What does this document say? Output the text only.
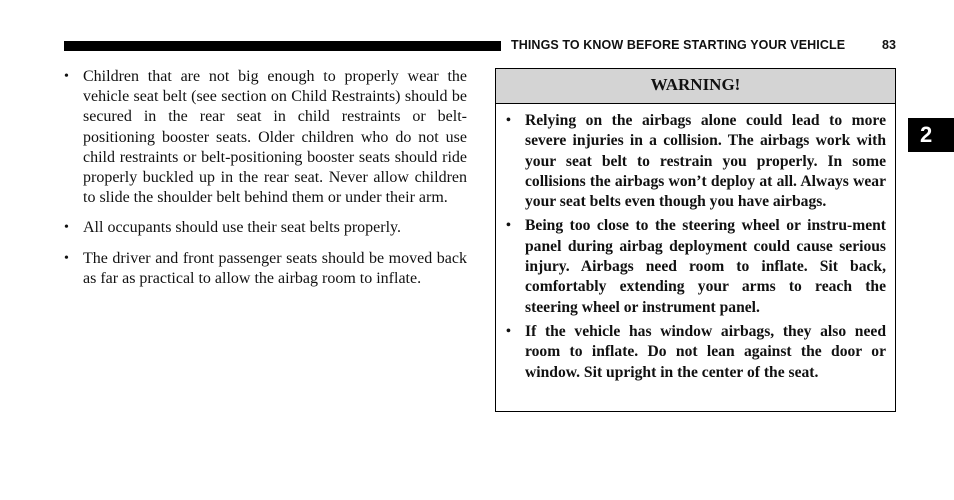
THINGS TO KNOW BEFORE STARTING YOUR VEHICLE	83
• Children that are not big enough to properly wear the vehicle seat belt (see section on Child Restraints) should be secured in the rear seat in child restraints or belt-positioning booster seats. Older children who do not use child restraints or belt-positioning booster seats should ride properly buckled up in the rear seat. Never allow children to slide the shoulder belt behind them or under their arm.
• All occupants should use their seat belts properly.
• The driver and front passenger seats should be moved back as far as practical to allow the airbag room to inflate.
WARNING!
• Relying on the airbags alone could lead to more severe injuries in a collision. The airbags work with your seat belt to restrain you properly. In some collisions the airbags won’t deploy at all. Always wear your seat belts even though you have airbags.
• Being too close to the steering wheel or instru-ment panel during airbag deployment could cause serious injury. Airbags need room to inflate. Sit back, comfortably extending your arms to reach the steering wheel or instrument panel.
• If the vehicle has window airbags, they also need room to inflate. Do not lean against the door or window. Sit upright in the center of the seat.
2
